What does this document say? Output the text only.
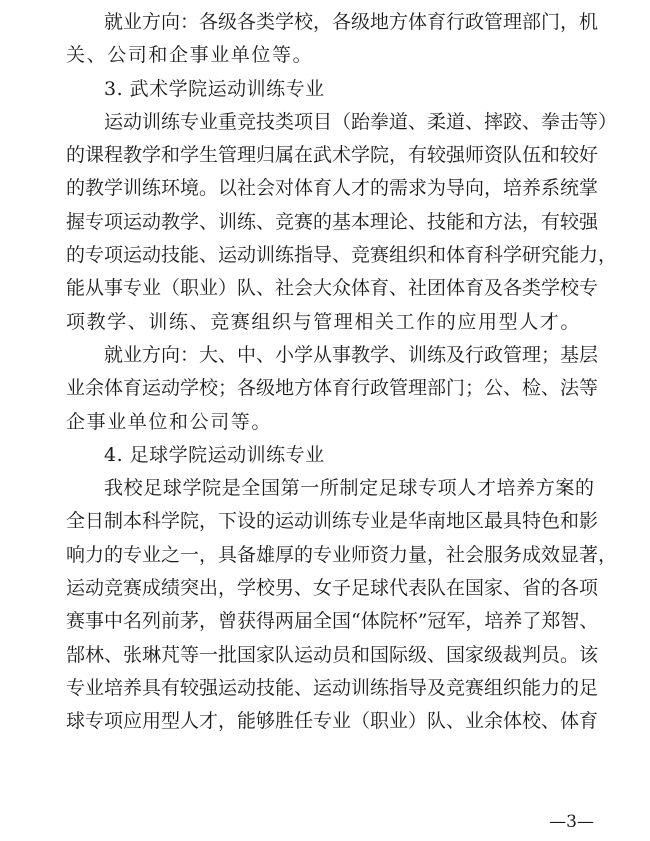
就业方向：各级各类学校，各级地方体育行政管理部门，机
关、公司和企事业单位等。
3. 武术学院运动训练专业
运动训练专业重竞技类项目（跆拳道、柔道、摔跤、拳击等）
的课程教学和学生管理归属在武术学院，有较强师资队伍和较好
的教学训练环境。以社会对体育人才的需求为导向，培养系统掌
握专项运动教学、训练、竞赛的基本理论、技能和方法，有较强
的专项运动技能、运动训练指导、竞赛组织和体育科学研究能力，
能从事专业（职业）队、社会大众体育、社团体育及各类学校专
项教学、训练、竞赛组织与管理相关工作的应用型人才。
就业方向：大、中、小学从事教学、训练及行政管理；基层
业余体育运动学校；各级地方体育行政管理部门；公、检、法等
企事业单位和公司等。
4. 足球学院运动训练专业
我校足球学院是全国第一所制定足球专项人才培养方案的
全日制本科学院，下设的运动训练专业是华南地区最具特色和影
响力的专业之一，具备雄厚的专业师资力量，社会服务成效显著，
运动竞赛成绩突出，学校男、女子足球代表队在国家、省的各项
赛事中名列前茅，曾获得两届全国“体院杯”冠军，培养了郑智、
郜林、张琳芃等一批国家队运动员和国际级、国家级裁判员。该
专业培养具有较强运动技能、运动训练指导及竞赛组织能力的足
球专项应用型人才，能够胜任专业（职业）队、业余体校、体育
—3—
